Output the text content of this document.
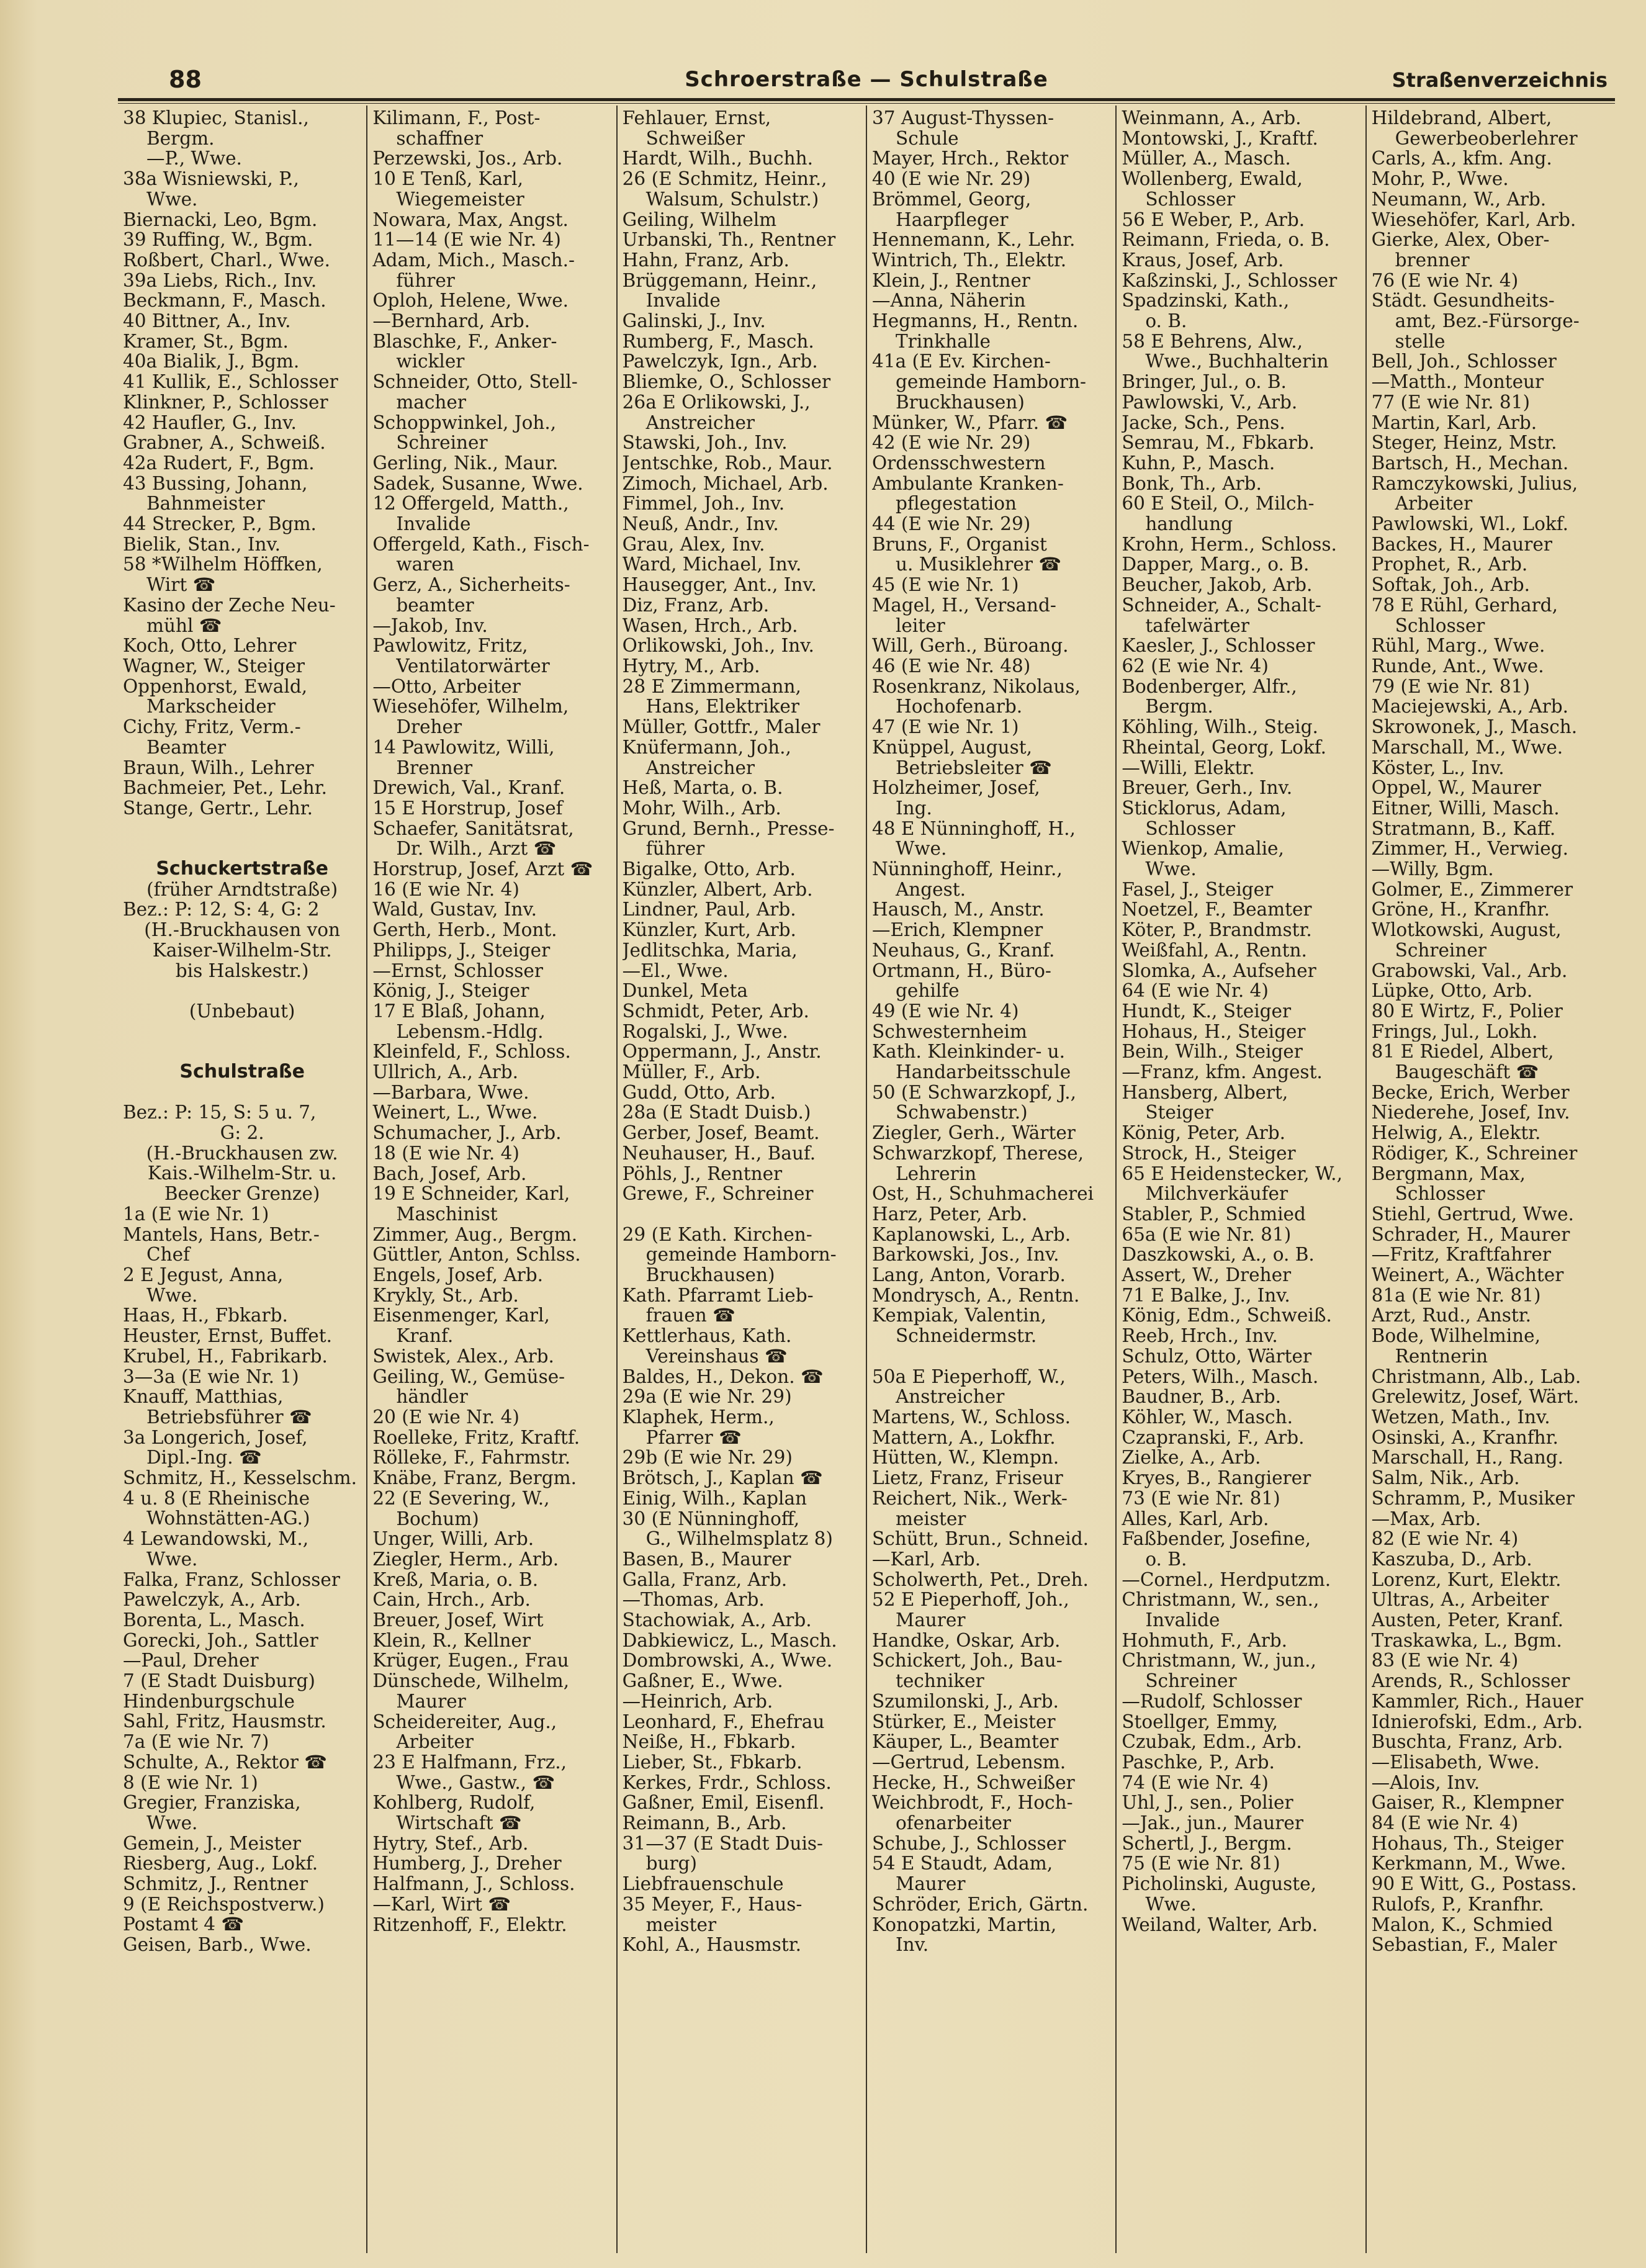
88	Schroerstraße — Schulstraße	Straßenverzeichnis
38 Klupiec, Stanisl.,
Bergm.
—P., Wwe.
38a Wisniewski, P.,
Wwe.
Biernacki, Leo, Bgm.
39 Ruffing, W., Bgm.
Roßbert, Charl., Wwe.
39a Liebs, Rich., Inv.
Beckmann, F., Masch.
40 Bittner, A., Inv.
Kramer, St., Bgm.
40a Bialik, J., Bgm.
41 Kullik, E., Schlosser
Klinkner, P., Schlosser
42 Haufler, G., Inv.
Grabner, A., Schweiß.
42a Rudert, F., Bgm.
43 Bussing, Johann,
Bahnmeister
44 Strecker, P., Bgm.
Bielik, Stan., Inv.
58 *Wilhelm Höffken,
Wirt ☎
Kasino der Zeche Neu-
mühl ☎
Koch, Otto, Lehrer
Wagner, W., Steiger
Oppenhorst, Ewald,
Markscheider
Cichy, Fritz, Verm.-
Beamter
Braun, Wilh., Lehrer
Bachmeier, Pet., Lehr.
Stange, Gertr., Lehr.
Schuckertstraße
(früher Arndtstraße)
Bez.: P: 12, S: 4, G: 2
(H.-Bruckhausen von
Kaiser-Wilhelm-Str.
bis Halskestr.)
(Unbebaut)
Schulstraße
Bez.: P: 15, S: 5 u. 7,
G: 2.
(H.-Bruckhausen zw.
Kais.-Wilhelm-Str. u.
Beecker Grenze)
1a (E wie Nr. 1)
Mantels, Hans, Betr.-
Chef
2 E Jegust, Anna,
Wwe.
Haas, H., Fbkarb.
Heuster, Ernst, Buffet.
Krubel, H., Fabrikarb.
3—3a (E wie Nr. 1)
Knauff, Matthias,
Betriebsführer ☎
3a Longerich, Josef,
Dipl.-Ing. ☎
Schmitz, H., Kesselschm.
4 u. 8 (E Rheinische
Wohnstätten-AG.)
4 Lewandowski, M.,
Wwe.
Falka, Franz, Schlosser
Pawelczyk, A., Arb.
Borenta, L., Masch.
Gorecki, Joh., Sattler
—Paul, Dreher
7 (E Stadt Duisburg)
Hindenburgschule
Sahl, Fritz, Hausmstr.
7a (E wie Nr. 7)
Schulte, A., Rektor ☎
8 (E wie Nr. 1)
Gregier, Franziska,
Wwe.
Gemein, J., Meister
Riesberg, Aug., Lokf.
Schmitz, J., Rentner
9 (E Reichspostverw.)
Postamt 4 ☎
Geisen, Barb., Wwe.
Kilimann, F., Post-
schaffner
Perzewski, Jos., Arb.
10 E Tenß, Karl,
Wiegemeister
Nowara, Max, Angst.
11—14 (E wie Nr. 4)
Adam, Mich., Masch.-
führer
Oploh, Helene, Wwe.
—Bernhard, Arb.
Blaschke, F., Anker-
wickler
Schneider, Otto, Stell-
macher
Schoppwinkel, Joh.,
Schreiner
Gerling, Nik., Maur.
Sadek, Susanne, Wwe.
12 Offergeld, Matth.,
Invalide
Offergeld, Kath., Fisch-
waren
Gerz, A., Sicherheits-
beamter
—Jakob, Inv.
Pawlowitz, Fritz,
Ventilatorwärter
—Otto, Arbeiter
Wiesehöfer, Wilhelm,
Dreher
14 Pawlowitz, Willi,
Brenner
Drewich, Val., Kranf.
15 E Horstrup, Josef
Schaefer, Sanitätsrat,
Dr. Wilh., Arzt ☎
Horstrup, Josef, Arzt ☎
16 (E wie Nr. 4)
Wald, Gustav, Inv.
Gerth, Herb., Mont.
Philipps, J., Steiger
—Ernst, Schlosser
König, J., Steiger
17 E Blaß, Johann,
Lebensm.-Hdlg.
Kleinfeld, F., Schloss.
Ullrich, A., Arb.
—Barbara, Wwe.
Weinert, L., Wwe.
Schumacher, J., Arb.
18 (E wie Nr. 4)
Bach, Josef, Arb.
19 E Schneider, Karl,
Maschinist
Zimmer, Aug., Bergm.
Güttler, Anton, Schlss.
Engels, Josef, Arb.
Krykly, St., Arb.
Eisenmenger, Karl,
Kranf.
Swistek, Alex., Arb.
Geiling, W., Gemüse-
händler
20 (E wie Nr. 4)
Roelleke, Fritz, Kraftf.
Rölleke, F., Fahrmstr.
Knäbe, Franz, Bergm.
22 (E Severing, W.,
Bochum)
Unger, Willi, Arb.
Ziegler, Herm., Arb.
Kreß, Maria, o. B.
Cain, Hrch., Arb.
Breuer, Josef, Wirt
Klein, R., Kellner
Krüger, Eugen., Frau
Dünschede, Wilhelm,
Maurer
Scheidereiter, Aug.,
Arbeiter
23 E Halfmann, Frz.,
Wwe., Gastw., ☎
Kohlberg, Rudolf,
Wirtschaft ☎
Hytry, Stef., Arb.
Humberg, J., Dreher
Halfmann, J., Schloss.
—Karl, Wirt ☎
Ritzenhoff, F., Elektr.
Fehlauer, Ernst,
Schweißer
Hardt, Wilh., Buchh.
26 (E Schmitz, Heinr.,
Walsum, Schulstr.)
Geiling, Wilhelm
Urbanski, Th., Rentner
Hahn, Franz, Arb.
Brüggemann, Heinr.,
Invalide
Galinski, J., Inv.
Rumberg, F., Masch.
Pawelczyk, Ign., Arb.
Bliemke, O., Schlosser
26a E Orlikowski, J.,
Anstreicher
Stawski, Joh., Inv.
Jentschke, Rob., Maur.
Zimoch, Michael, Arb.
Fimmel, Joh., Inv.
Neuß, Andr., Inv.
Grau, Alex, Inv.
Ward, Michael, Inv.
Hausegger, Ant., Inv.
Diz, Franz, Arb.
Wasen, Hrch., Arb.
Orlikowski, Joh., Inv.
Hytry, M., Arb.
28 E Zimmermann,
Hans, Elektriker
Müller, Gottfr., Maler
Knüfermann, Joh.,
Anstreicher
Heß, Marta, o. B.
Mohr, Wilh., Arb.
Grund, Bernh., Presse-
führer
Bigalke, Otto, Arb.
Künzler, Albert, Arb.
Lindner, Paul, Arb.
Künzler, Kurt, Arb.
Jedlitschka, Maria,
—El., Wwe.
Dunkel, Meta
Schmidt, Peter, Arb.
Rogalski, J., Wwe.
Oppermann, J., Anstr.
Müller, F., Arb.
Gudd, Otto, Arb.
28a (E Stadt Duisb.)
Gerber, Josef, Beamt.
Neuhauser, H., Bauf.
Pöhls, J., Rentner
Grewe, F., Schreiner
29 (E Kath. Kirchen-
gemeinde Hamborn-
Bruckhausen)
Kath. Pfarramt Lieb-
frauen ☎
Kettlerhaus, Kath.
Vereinshaus ☎
Baldes, H., Dekon. ☎
29a (E wie Nr. 29)
Klaphek, Herm.,
Pfarrer ☎
29b (E wie Nr. 29)
Brötsch, J., Kaplan ☎
Einig, Wilh., Kaplan
30 (E Nünninghoff,
G., Wilhelmsplatz 8)
Basen, B., Maurer
Galla, Franz, Arb.
—Thomas, Arb.
Stachowiak, A., Arb.
Dabkiewicz, L., Masch.
Dombrowski, A., Wwe.
Gaßner, E., Wwe.
—Heinrich, Arb.
Leonhard, F., Ehefrau
Neiße, H., Fbkarb.
Lieber, St., Fbkarb.
Kerkes, Frdr., Schloss.
Gaßner, Emil, Eisenfl.
Reimann, B., Arb.
31—37 (E Stadt Duis-
burg)
Liebfrauenschule
35 Meyer, F., Haus-
meister
Kohl, A., Hausmstr.
37 August-Thyssen-
Schule
Mayer, Hrch., Rektor
40 (E wie Nr. 29)
Brömmel, Georg,
Haarpfleger
Hennemann, K., Lehr.
Wintrich, Th., Elektr.
Klein, J., Rentner
—Anna, Näherin
Hegmanns, H., Rentn.
Trinkhalle
41a (E Ev. Kirchen-
gemeinde Hamborn-
Bruckhausen)
Münker, W., Pfarr. ☎
42 (E wie Nr. 29)
Ordensschwestern
Ambulante Kranken-
pflegestation
44 (E wie Nr. 29)
Bruns, F., Organist
u. Musiklehrer ☎
45 (E wie Nr. 1)
Magel, H., Versand-
leiter
Will, Gerh., Büroang.
46 (E wie Nr. 48)
Rosenkranz, Nikolaus,
Hochofenarb.
47 (E wie Nr. 1)
Knüppel, August,
Betriebsleiter ☎
Holzheimer, Josef,
Ing.
48 E Nünninghoff, H.,
Wwe.
Nünninghoff, Heinr.,
Angest.
Hausch, M., Anstr.
—Erich, Klempner
Neuhaus, G., Kranf.
Ortmann, H., Büro-
gehilfe
49 (E wie Nr. 4)
Schwesternheim
Kath. Kleinkinder- u.
Handarbeitsschule
50 (E Schwarzkopf, J.,
Schwabenstr.)
Ziegler, Gerh., Wärter
Schwarzkopf, Therese,
Lehrerin
Ost, H., Schuhmacherei
Harz, Peter, Arb.
Kaplanowski, L., Arb.
Barkowski, Jos., Inv.
Lang, Anton, Vorarb.
Mondrysch, A., Rentn.
Kempiak, Valentin,
Schneidermstr.
50a E Pieperhoff, W.,
Anstreicher
Martens, W., Schloss.
Mattern, A., Lokfhr.
Hütten, W., Klempn.
Lietz, Franz, Friseur
Reichert, Nik., Werk-
meister
Schütt, Brun., Schneid.
—Karl, Arb.
Scholwerth, Pet., Dreh.
52 E Pieperhoff, Joh.,
Maurer
Handke, Oskar, Arb.
Schickert, Joh., Bau-
techniker
Szumilonski, J., Arb.
Stürker, E., Meister
Käuper, L., Beamter
—Gertrud, Lebensm.
Hecke, H., Schweißer
Weichbrodt, F., Hoch-
ofenarbeiter
Schube, J., Schlosser
54 E Staudt, Adam,
Maurer
Schröder, Erich, Gärtn.
Konopatzki, Martin,
Inv.
Weinmann, A., Arb.
Montowski, J., Kraftf.
Müller, A., Masch.
Wollenberg, Ewald,
Schlosser
56 E Weber, P., Arb.
Reimann, Frieda, o. B.
Kraus, Josef, Arb.
Kaßzinski, J., Schlosser
Spadzinski, Kath.,
o. B.
58 E Behrens, Alw.,
Wwe., Buchhalterin
Bringer, Jul., o. B.
Pawlowski, V., Arb.
Jacke, Sch., Pens.
Semrau, M., Fbkarb.
Kuhn, P., Masch.
Bonk, Th., Arb.
60 E Steil, O., Milch-
handlung
Krohn, Herm., Schloss.
Dapper, Marg., o. B.
Beucher, Jakob, Arb.
Schneider, A., Schalt-
tafelwärter
Kaesler, J., Schlosser
62 (E wie Nr. 4)
Bodenberger, Alfr.,
Bergm.
Köhling, Wilh., Steig.
Rheintal, Georg, Lokf.
—Willi, Elektr.
Breuer, Gerh., Inv.
Sticklorus, Adam,
Schlosser
Wienkop, Amalie,
Wwe.
Fasel, J., Steiger
Noetzel, F., Beamter
Köter, P., Brandmstr.
Weißfahl, A., Rentn.
Slomka, A., Aufseher
64 (E wie Nr. 4)
Hundt, K., Steiger
Hohaus, H., Steiger
Bein, Wilh., Steiger
—Franz, kfm. Angest.
Hansberg, Albert,
Steiger
König, Peter, Arb.
Strock, H., Steiger
65 E Heidenstecker, W.,
Milchverkäufer
Stabler, P., Schmied
65a (E wie Nr. 81)
Daszkowski, A., o. B.
Assert, W., Dreher
71 E Balke, J., Inv.
König, Edm., Schweiß.
Reeb, Hrch., Inv.
Schulz, Otto, Wärter
Peters, Wilh., Masch.
Baudner, B., Arb.
Köhler, W., Masch.
Czapranski, F., Arb.
Zielke, A., Arb.
Kryes, B., Rangierer
73 (E wie Nr. 81)
Alles, Karl, Arb.
Faßbender, Josefine,
o. B.
—Cornel., Herdputzm.
Christmann, W., sen.,
Invalide
Hohmuth, F., Arb.
Christmann, W., jun.,
Schreiner
—Rudolf, Schlosser
Stoellger, Emmy,
Czubak, Edm., Arb.
Paschke, P., Arb.
74 (E wie Nr. 4)
Uhl, J., sen., Polier
—Jak., jun., Maurer
Schertl, J., Bergm.
75 (E wie Nr. 81)
Picholinski, Auguste,
Wwe.
Weiland, Walter, Arb.
Hildebrand, Albert,
Gewerbeoberlehrer
Carls, A., kfm. Ang.
Mohr, P., Wwe.
Neumann, W., Arb.
Wiesehöfer, Karl, Arb.
Gierke, Alex, Ober-
brenner
76 (E wie Nr. 4)
Städt. Gesundheits-
amt, Bez.-Fürsorge-
stelle
Bell, Joh., Schlosser
—Matth., Monteur
77 (E wie Nr. 81)
Martin, Karl, Arb.
Steger, Heinz, Mstr.
Bartsch, H., Mechan.
Ramczykowski, Julius,
Arbeiter
Pawlowski, Wl., Lokf.
Backes, H., Maurer
Prophet, R., Arb.
Softak, Joh., Arb.
78 E Rühl, Gerhard,
Schlosser
Rühl, Marg., Wwe.
Runde, Ant., Wwe.
79 (E wie Nr. 81)
Maciejewski, A., Arb.
Skrowonek, J., Masch.
Marschall, M., Wwe.
Köster, L., Inv.
Oppel, W., Maurer
Eitner, Willi, Masch.
Stratmann, B., Kaff.
Zimmer, H., Verwieg.
—Willy, Bgm.
Golmer, E., Zimmerer
Gröne, H., Kranfhr.
Wlotkowski, August,
Schreiner
Grabowski, Val., Arb.
Lüpke, Otto, Arb.
80 E Wirtz, F., Polier
Frings, Jul., Lokh.
81 E Riedel, Albert,
Baugeschäft ☎
Becke, Erich, Werber
Niederehe, Josef, Inv.
Helwig, A., Elektr.
Rödiger, K., Schreiner
Bergmann, Max,
Schlosser
Stiehl, Gertrud, Wwe.
Schrader, H., Maurer
—Fritz, Kraftfahrer
Weinert, A., Wächter
81a (E wie Nr. 81)
Arzt, Rud., Anstr.
Bode, Wilhelmine,
Rentnerin
Christmann, Alb., Lab.
Grelewitz, Josef, Wärt.
Wetzen, Math., Inv.
Osinski, A., Kranfhr.
Marschall, H., Rang.
Salm, Nik., Arb.
Schramm, P., Musiker
—Max, Arb.
82 (E wie Nr. 4)
Kaszuba, D., Arb.
Lorenz, Kurt, Elektr.
Ultras, A., Arbeiter
Austen, Peter, Kranf.
Traskawka, L., Bgm.
83 (E wie Nr. 4)
Arends, R., Schlosser
Kammler, Rich., Hauer
Idnierofski, Edm., Arb.
Buschta, Franz, Arb.
—Elisabeth, Wwe.
—Alois, Inv.
Gaiser, R., Klempner
84 (E wie Nr. 4)
Hohaus, Th., Steiger
Kerkmann, M., Wwe.
90 E Witt, G., Postass.
Rulofs, P., Kranfhr.
Malon, K., Schmied
Sebastian, F., Maler
